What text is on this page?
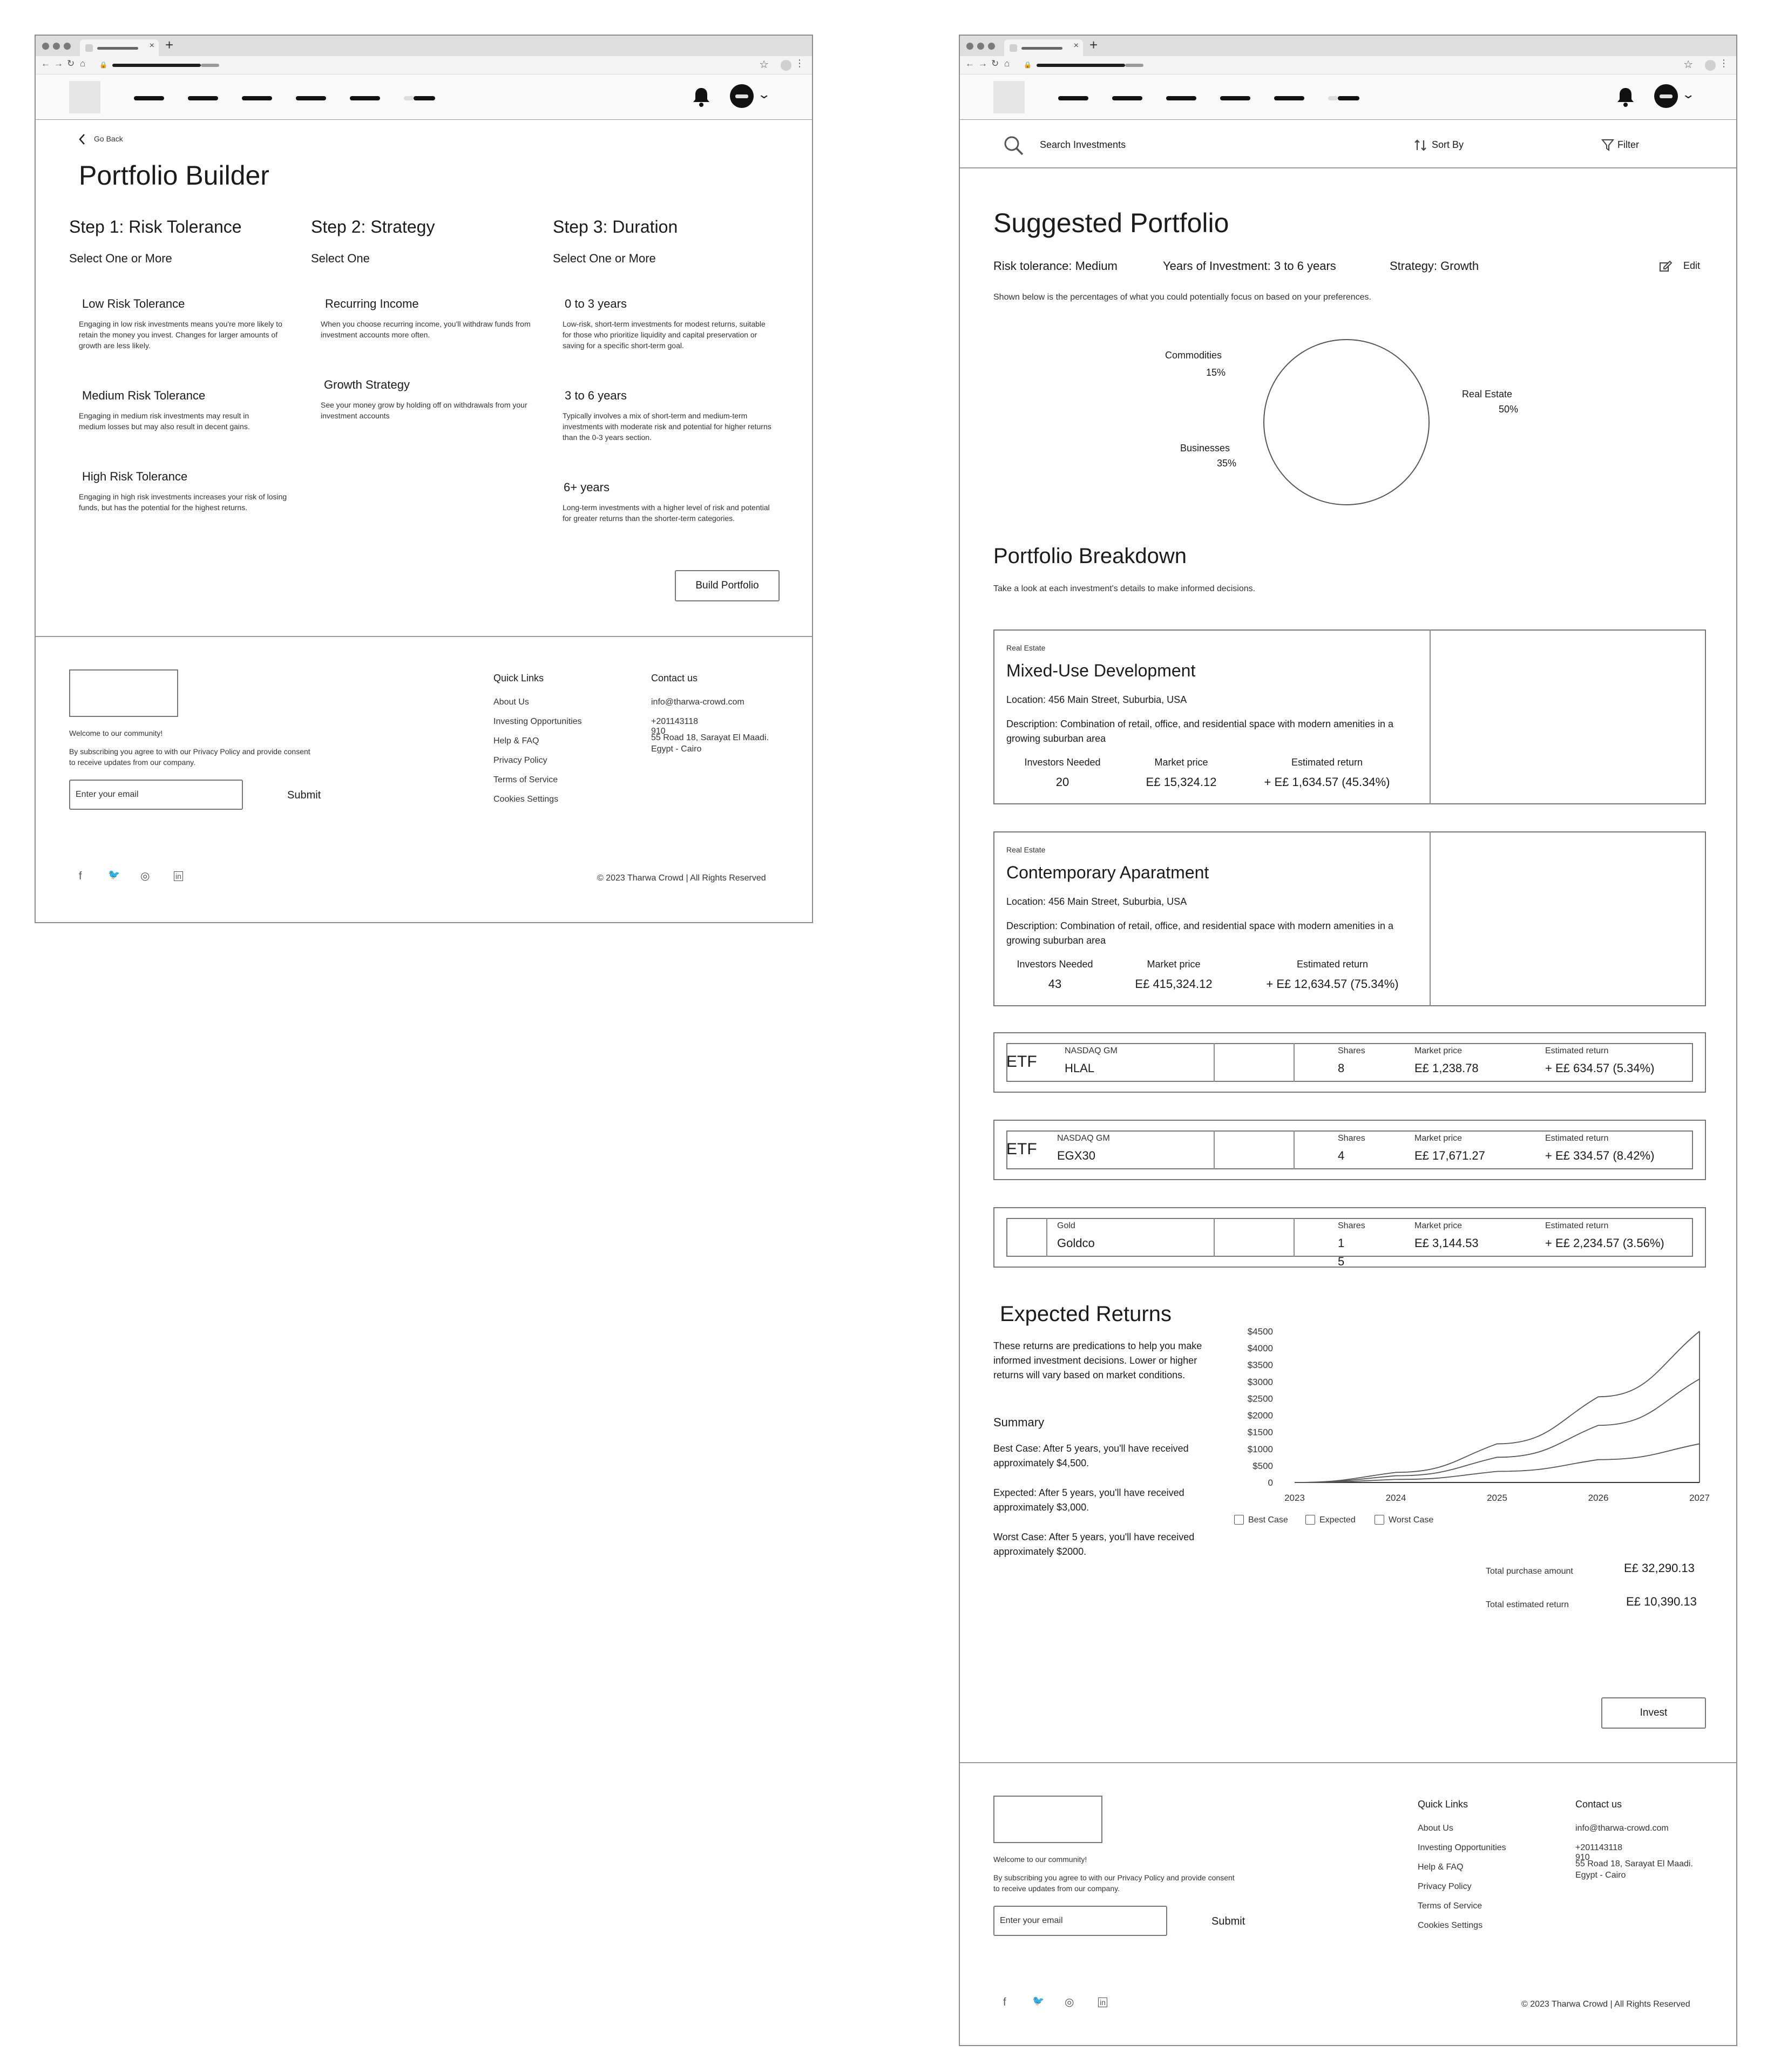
× +
← → ↻ ⌂ 🔒	☆	⋮
⌄
Go Back
Portfolio Builder
Step 1: Risk Tolerance
Select One or More
Low Risk Tolerance
Engaging in low risk investments means you're more likely to retain the money you invest. Changes for larger amounts of growth are less likely.
Medium Risk Tolerance
Engaging in medium risk investments may result in medium losses but may also result in decent gains.
High Risk Tolerance
Engaging in high risk investments increases your risk of losing funds, but has the potential for the highest returns.
Step 2: Strategy
Select One
Recurring Income
When you choose recurring income, you'll withdraw funds from investment accounts more often.
Growth Strategy
See your money grow by holding off on withdrawals from your investment accounts
Step 3: Duration
Select One or More
0 to 3 years
Low-risk, short-term investments for modest returns, suitable for those who prioritize liquidity and capital preservation or saving for a specific short-term goal.
3 to 6 years
Typically involves a mix of short-term and medium-term investments with moderate risk and potential for higher returns than the 0-3 years section.
6+ years
Long-term investments with a higher level of risk and potential for greater returns than the shorter-term categories.
Build Portfolio
Welcome to our community!
By subscribing you agree to with our Privacy Policy and provide consent to receive updates from our company.
Enter your email	Submit
Quick Links
About Us
Investing Opportunities
Help & FAQ
Privacy Policy
Terms of Service
Cookies Settings
Contact us
info@tharwa-crowd.com
+201143118
910
55 Road 18, Sarayat El Maadi. Egypt - Cairo
f	🐦 ◎	in	© 2023 Tharwa Crowd | All Rights Reserved
× +
← → ↻ ⌂ 🔒	☆	⋮
⌄
Search Investments	Sort By	Filter
Suggested Portfolio
Risk tolerance: Medium	Years of Investment: 3 to 6 years	Strategy: Growth	Edit
Shown below is the percentages of what you could potentially focus on based on your preferences.
Commodities
15%
Real Estate
50%
Businesses
35%
Portfolio Breakdown
Take a look at each investment's details to make informed decisions.
Real Estate
Mixed-Use Development
Location: 456 Main Street, Suburbia, USA
Description: Combination of retail, office, and residential space with modern amenities in a growing suburban area
Investors Needed
20
Market price
E£ 15,324.12
Estimated return
+ E£ 1,634.57 (45.34%)
Real Estate
Contemporary Aparatment
Location: 456 Main Street, Suburbia, USA
Description: Combination of retail, office, and residential space with modern amenities in a growing suburban area
Investors Needed
43
Market price
E£ 415,324.12
Estimated return
+ E£ 12,634.57 (75.34%)
ETF
NASDAQ GM
HLAL
Shares
8
Market price
E£ 1,238.78
Estimated return
+ E£ 634.57 (5.34%)
ETF
NASDAQ GM
EGX30
Shares
4
Market price
E£ 17,671.27
Estimated return
+ E£ 334.57 (8.42%)
Gold
Goldco
Shares
1
5
Market price
E£ 3,144.53
Estimated return
+ E£ 2,234.57 (3.56%)
Expected Returns
These returns are predications to help you make informed investment decisions. Lower or higher returns will vary based on market conditions.
Summary
Best Case: After 5 years, you'll have received approximately $4,500.
Expected: After 5 years, you'll have received approximately $3,000.
Worst Case: After 5 years, you'll have received approximately $2000.
0
$500
$1000
$1500
$2000
$2500
$3000
$3500
$4000
$4500
2023	2024	2025	2026	2027
Best Case	Expected	Worst Case
Total purchase amount	E£ 32,290.13
Total estimated return	E£ 10,390.13
Invest
Welcome to our community!
By subscribing you agree to with our Privacy Policy and provide consent to receive updates from our company.
Enter your email	Submit
Quick Links
About Us
Investing Opportunities
Help & FAQ
Privacy Policy
Terms of Service
Cookies Settings
Contact us
info@tharwa-crowd.com
+201143118
910
55 Road 18, Sarayat El Maadi. Egypt - Cairo
f	🐦 ◎	in	© 2023 Tharwa Crowd | All Rights Reserved
